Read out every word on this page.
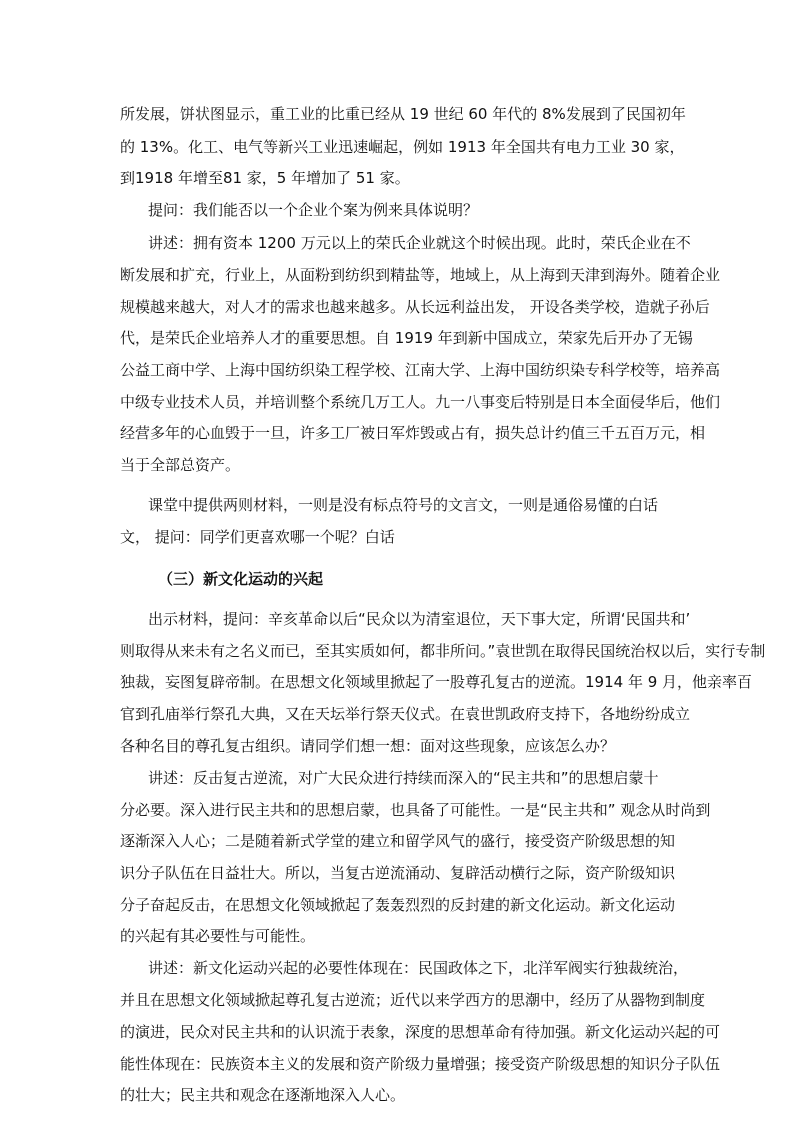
所发展，饼状图显示，重工业的比重已经从 19 世纪 60 年代的 8%发展到了民国初年
的 13%。化工、电气等新兴工业迅速崛起，例如 1913 年全国共有电力工业 30 家，
到1918 年增至81 家，5 年增加了 51 家。
提问：我们能否以一个企业个案为例来具体说明？
讲述：拥有资本 1200 万元以上的荣氏企业就这个时候出现。此时，荣氏企业在不
断发展和扩充，行业上，从面粉到纺织到精盐等，地域上，从上海到天津到海外。随着企业
规模越来越大，对人才的需求也越来越多。从长远利益出发， 开设各类学校，造就子孙后
代，是荣氏企业培养人才的重要思想。自 1919 年到新中国成立，荣家先后开办了无锡
公益工商中学、上海中国纺织染工程学校、江南大学、上海中国纺织染专科学校等，培养高
中级专业技术人员，并培训整个系统几万工人。九一八事变后特别是日本全面侵华后，他们
经营多年的心血毁于一旦，许多工厂被日军炸毁或占有，损失总计约值三千五百万元，相
当于全部总资产。
课堂中提供两则材料，一则是没有标点符号的文言文，一则是通俗易懂的白话
文， 提问：同学们更喜欢哪一个呢？白话
（三）新文化运动的兴起
出示材料，提问：辛亥革命以后“民众以为清室退位，天下事大定，所谓‘民国共和’
则取得从来未有之名义而已，至其实质如何，都非所问。”袁世凯在取得民国统治权以后，实行专制
独裁，妄图复辟帝制。在思想文化领域里掀起了一股尊孔复古的逆流。1914 年 9 月，他亲率百
官到孔庙举行祭孔大典，又在天坛举行祭天仪式。在袁世凯政府支持下，各地纷纷成立
各种名目的尊孔复古组织。请同学们想一想：面对这些现象，应该怎么办？
讲述：反击复古逆流，对广大民众进行持续而深入的“民主共和”的思想启蒙十
分必要。深入进行民主共和的思想启蒙，也具备了可能性。一是“民主共和” 观念从时尚到
逐渐深入人心；二是随着新式学堂的建立和留学风气的盛行，接受资产阶级思想的知
识分子队伍在日益壮大。所以，当复古逆流涌动、复辟活动横行之际，资产阶级知识
分子奋起反击，在思想文化领域掀起了轰轰烈烈的反封建的新文化运动。新文化运动
的兴起有其必要性与可能性。
讲述：新文化运动兴起的必要性体现在：民国政体之下，北洋军阀实行独裁统治，
并且在思想文化领域掀起尊孔复古逆流；近代以来学西方的思潮中，经历了从器物到制度
的演进，民众对民主共和的认识流于表象，深度的思想革命有待加强。新文化运动兴起的可
能性体现在：民族资本主义的发展和资产阶级力量增强；接受资产阶级思想的知识分子队伍
的壮大；民主共和观念在逐渐地深入人心。
